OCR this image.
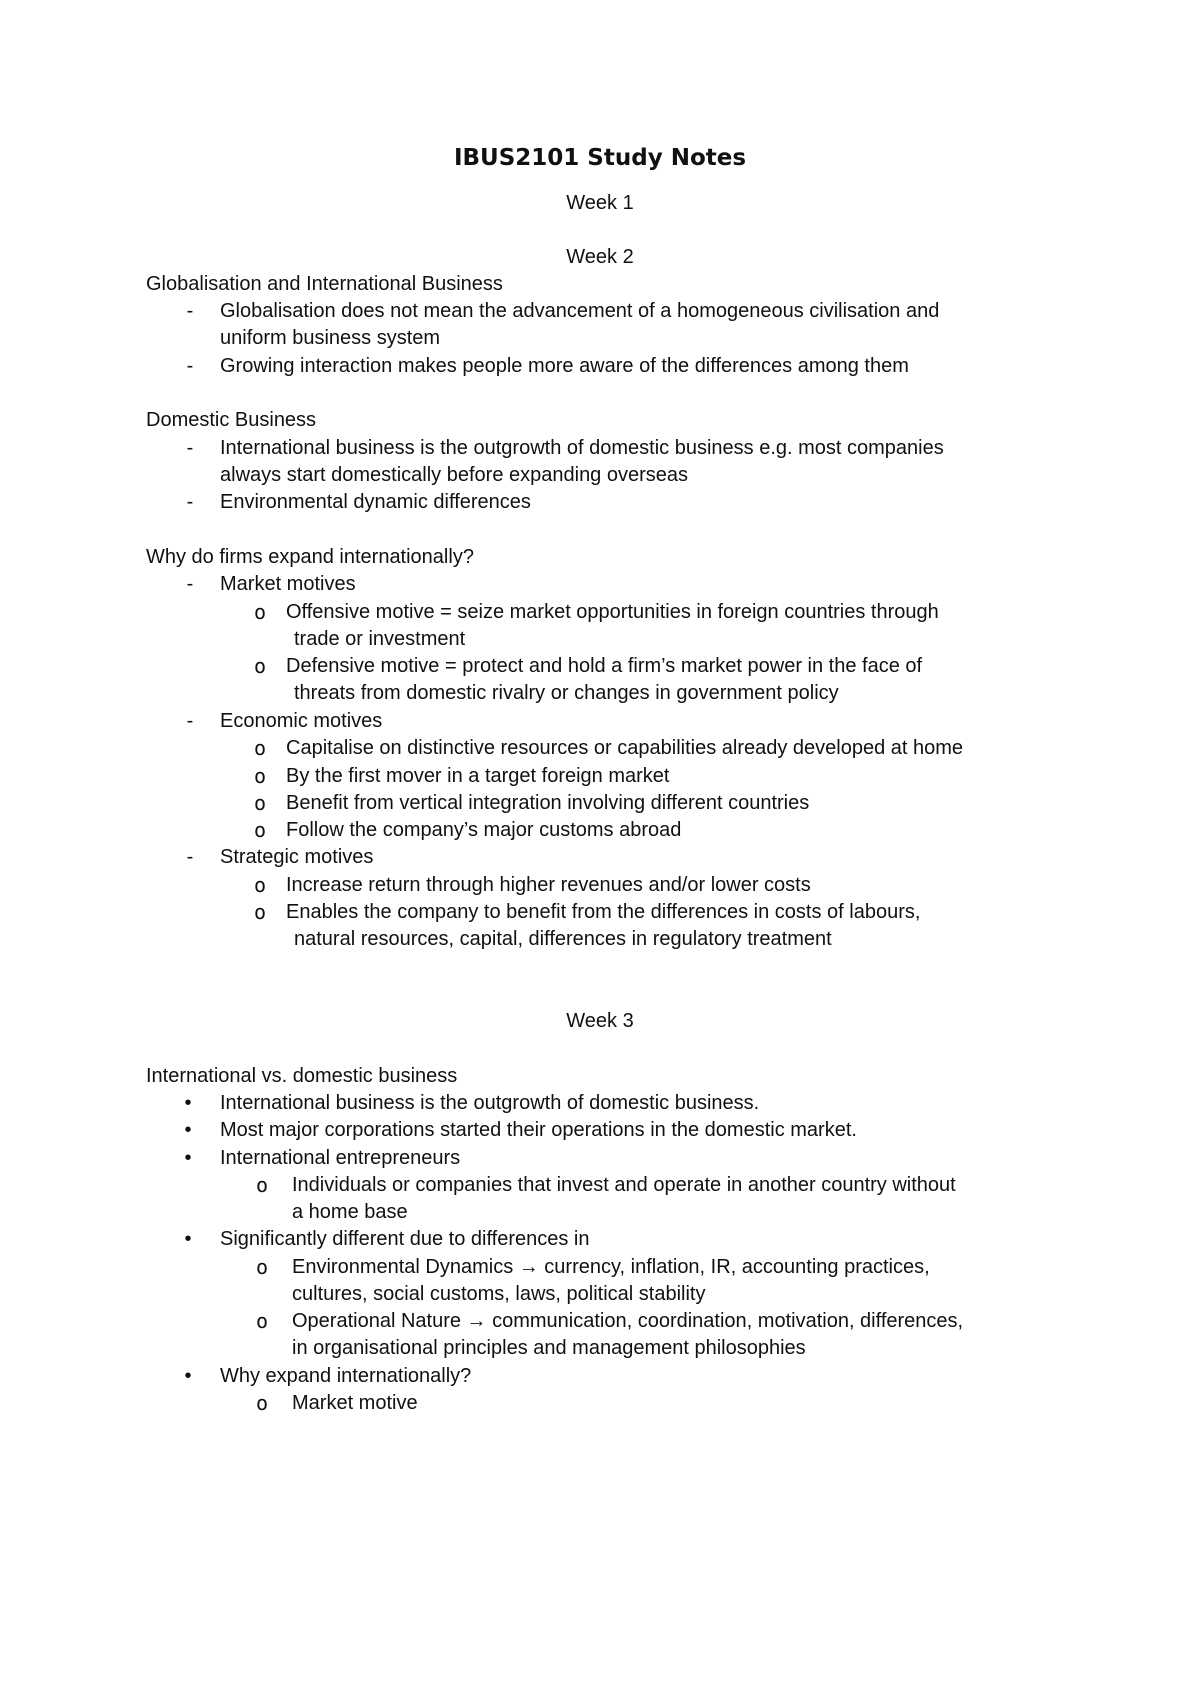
IBUS2101 Study Notes
Week 1
Week 2
Globalisation and International Business
-	Globalisation does not mean the advancement of a homogeneous civilisation and
uniform business system
-	Growing interaction makes people more aware of the differences among them
Domestic Business
-	International business is the outgrowth of domestic business e.g. most companies
always start domestically before expanding overseas
-	Environmental dynamic differences
Why do firms expand internationally?
-	Market motives
o Offensive motive = seize market opportunities in foreign countries through
trade or investment
o Defensive motive = protect and hold a firm’s market power in the face of
threats from domestic rivalry or changes in government policy
-	Economic motives
o Capitalise on distinctive resources or capabilities already developed at home
o By the first mover in a target foreign market
o Benefit from vertical integration involving different countries
o Follow the company’s major customs abroad
-	Strategic motives
o Increase return through higher revenues and/or lower costs
o Enables the company to benefit from the differences in costs of labours,
natural resources, capital, differences in regulatory treatment
Week 3
International vs. domestic business
•	International business is the outgrowth of domestic business.
•	Most major corporations started their operations in the domestic market.
•	International entrepreneurs
o Individuals or companies that invest and operate in another country without
a home base
•	Significantly different due to differences in
o Environmental Dynamics → currency, inflation, IR, accounting practices,
cultures, social customs, laws, political stability
o Operational Nature → communication, coordination, motivation, differences,
in organisational principles and management philosophies
•	Why expand internationally?
o Market motive
